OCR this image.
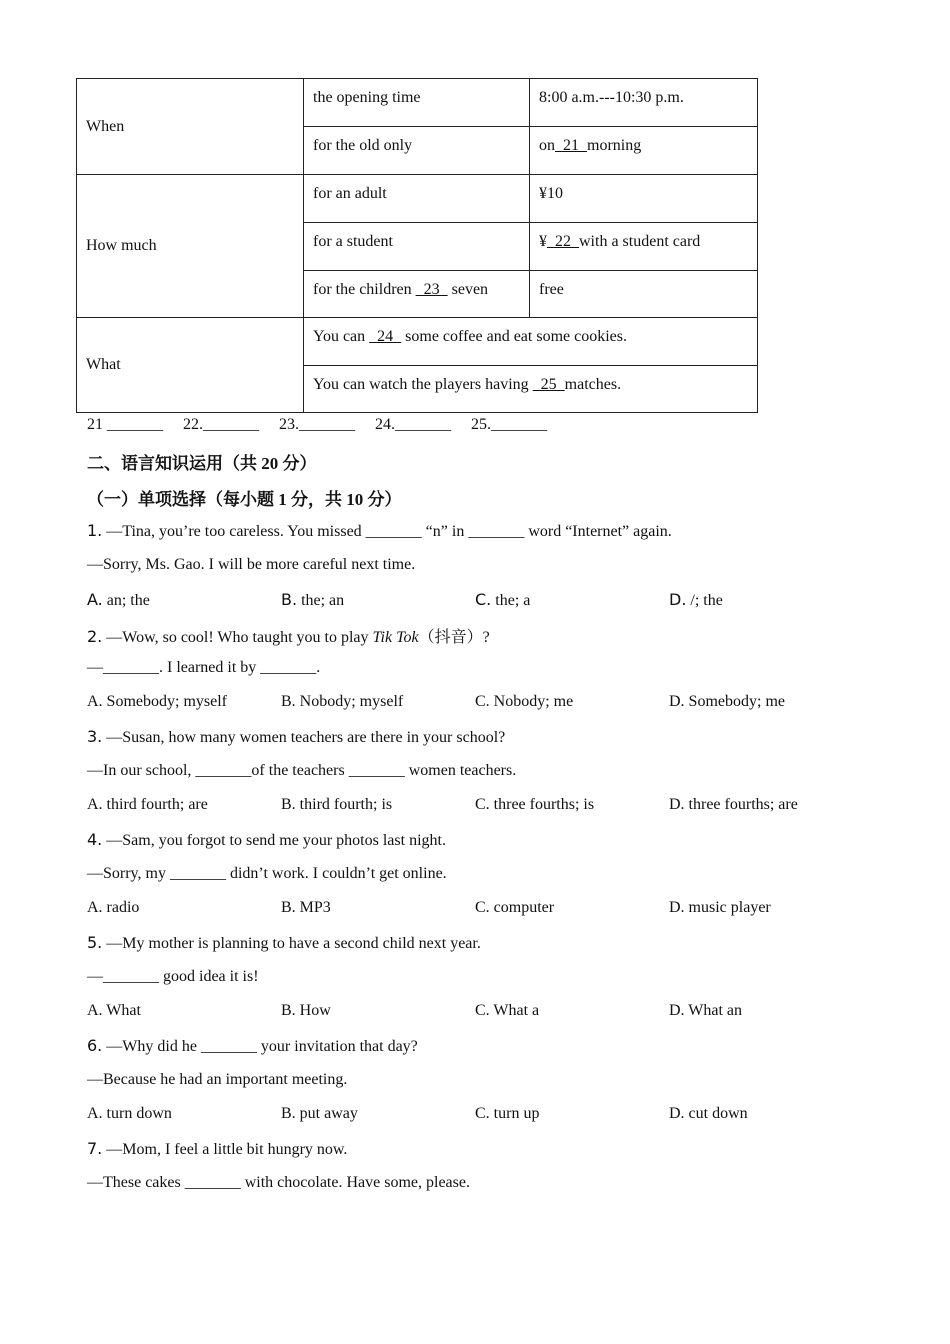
When	the opening time	8:00 a.m.---10:30 p.m.
	for the old only	on  21  morning
How much	for an adult	¥10
	for a student	¥  22  with a student card
	for the children   23   seven	free
What	You can   24   some coffee and eat some cookies.	
	You can watch the players having   25  matches.	
21 _______ 22._______ 23._______ 24._______ 25._______
二、语言知识运用（共 20 分）
（一）单项选择（每小题 1 分，共 10 分）
1. —Tina, you’re too careless. You missed _______ “n” in _______ word “Internet” again.
—Sorry, Ms. Gao. I will be more careful next time.
A. an; the	B. the; an	C. the; a	D. /; the
2. —Wow, so cool! Who taught you to play Tik Tok（抖音）?
—_______. I learned it by _______.
A. Somebody; myself	B. Nobody; myself	C. Nobody; me	D. Somebody; me
3. —Susan, how many women teachers are there in your school?
—In our school, _______of the teachers _______ women teachers.
A. third fourth; are	B. third fourth; is	C. three fourths; is	D. three fourths; are
4. —Sam, you forgot to send me your photos last night.
—Sorry, my _______ didn’t work. I couldn’t get online.
A. radio	B. MP3	C. computer	D. music player
5. —My mother is planning to have a second child next year.
—_______ good idea it is!
A. What	B. How	C. What a	D. What an
6. —Why did he _______ your invitation that day?
—Because he had an important meeting.
A. turn down	B. put away	C. turn up	D. cut down
7. —Mom, I feel a little bit hungry now.
—These cakes _______ with chocolate. Have some, please.
